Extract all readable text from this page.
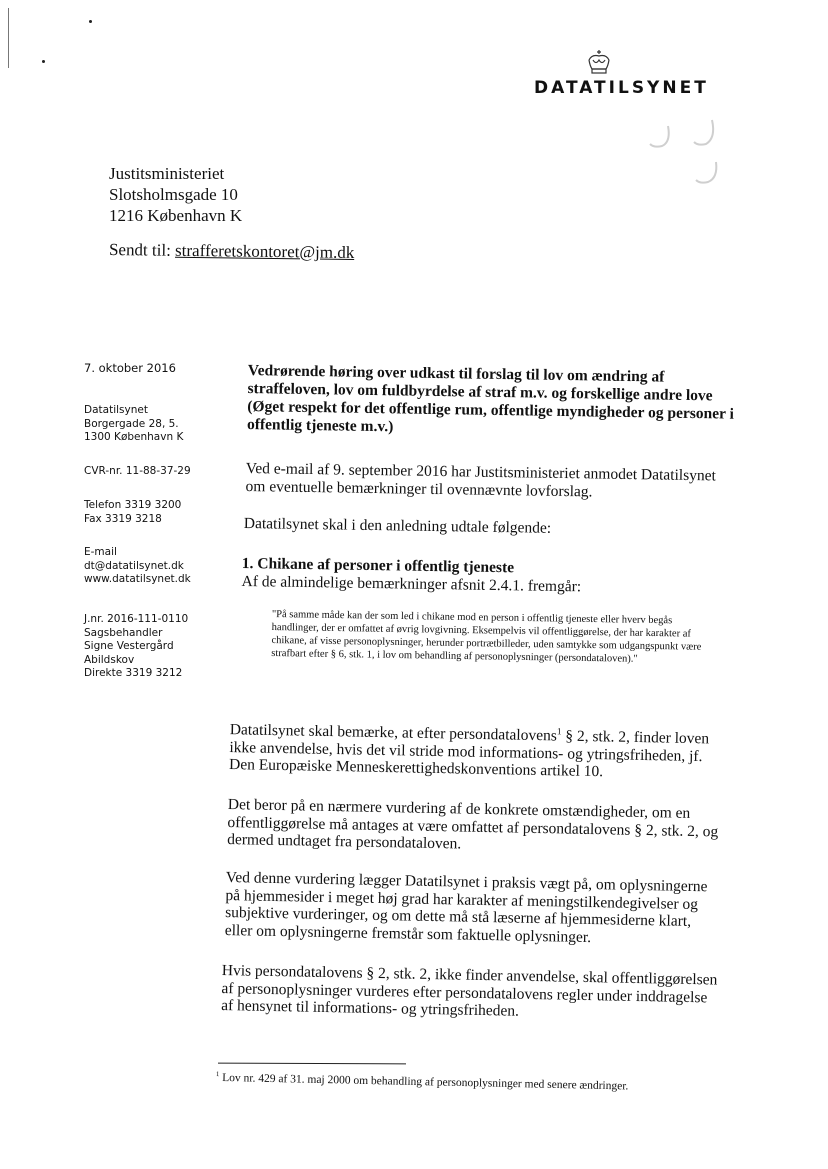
DATATILSYNET
Justitsministeriet
Slotsholmsgade 10
1216 København K
Sendt til: strafferetskontoret@jm.dk
7. oktober 2016
Datatilsynet
Borgergade 28, 5.
1300 København K
CVR-nr. 11-88-37-29
Telefon 3319 3200
Fax 3319 3218
E-mail
dt@datatilsynet.dk
www.datatilsynet.dk
J.nr. 2016-111-0110
Sagsbehandler
Signe Vestergård
Abildskov
Direkte 3319 3212
Vedrørende høring over udkast til forslag til lov om ændring af straffeloven, lov om fuldbyrdelse af straf m.v. og forskellige andre love (Øget respekt for det offentlige rum, offentlige myndigheder og personer i offentlig tjeneste m.v.)
Ved e-mail af 9. september 2016 har Justitsministeriet anmodet Datatilsynet om eventuelle bemærkninger til ovennævnte lovforslag.
Datatilsynet skal i den anledning udtale følgende:
1. Chikane af personer i offentlig tjeneste
Af de almindelige bemærkninger afsnit 2.4.1. fremgår:
"På samme måde kan der som led i chikane mod en person i offentlig tjeneste eller hverv begås handlinger, der er omfattet af øvrig lovgivning. Eksempelvis vil offentliggørelse, der har karakter af chikane, af visse personoplysninger, herunder portrætbilleder, uden samtykke som udgangspunkt være strafbart efter § 6, stk. 1, i lov om behandling af personoplysninger (persondataloven)."
Datatilsynet skal bemærke, at efter persondatalovens$^1$ § 2, stk. 2, finder loven ikke anvendelse, hvis det vil stride mod informations- og ytringsfriheden, jf. Den Europæiske Menneskerettighedskonventions artikel 10.
Det beror på en nærmere vurdering af de konkrete omstændigheder, om en offentliggørelse må antages at være omfattet af persondatalovens § 2, stk. 2, og dermed undtaget fra persondataloven.
Ved denne vurdering lægger Datatilsynet i praksis vægt på, om oplysningerne på hjemmesider i meget høj grad har karakter af meningstilkendegivelser og subjektive vurderinger, og om dette må stå læserne af hjemmesiderne klart, eller om oplysningerne fremstår som faktuelle oplysninger.
Hvis persondatalovens § 2, stk. 2, ikke finder anvendelse, skal offentliggørelsen af personoplysninger vurderes efter persondatalovens regler under inddragelse af hensynet til informations- og ytringsfriheden.
$^1$ Lov nr. 429 af 31. maj 2000 om behandling af personoplysninger med senere ændringer.
